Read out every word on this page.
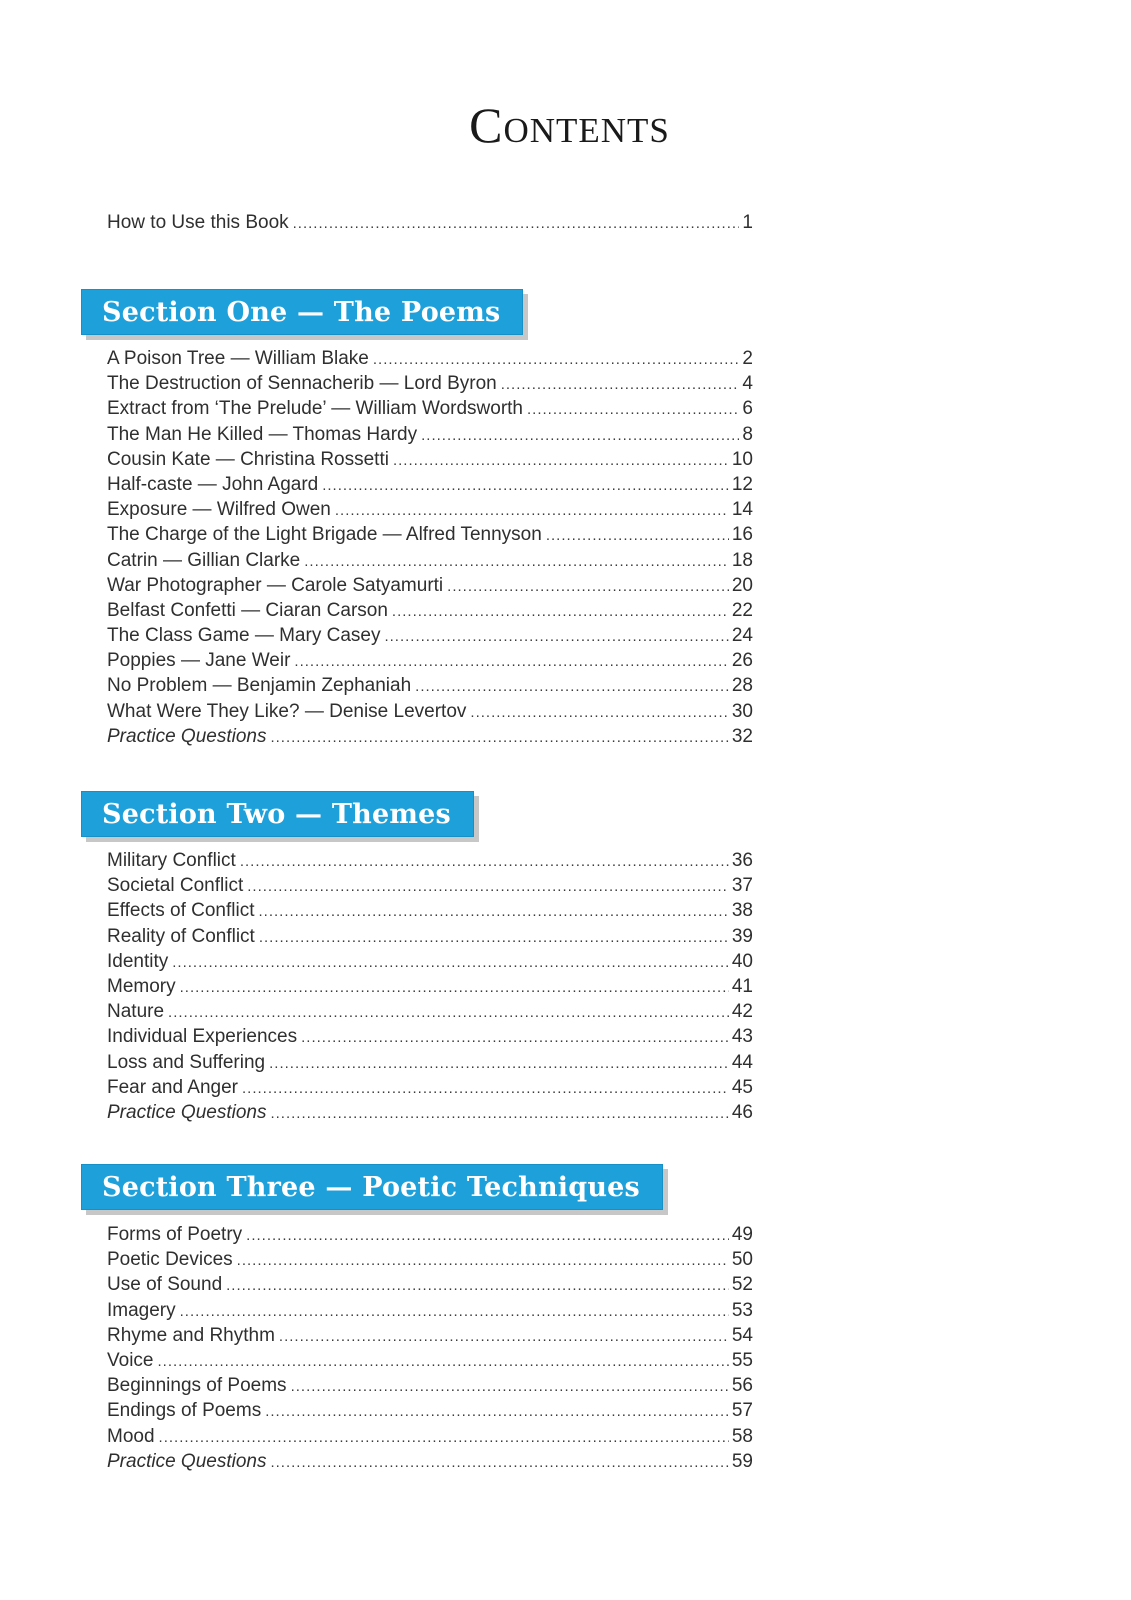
Contents
How to Use this Book .....	1
Section One — The Poems
A Poison Tree — William Blake .....	2
The Destruction of Sennacherib — Lord Byron .....	4
Extract from ‘The Prelude’ — William Wordsworth .....	6
The Man He Killed — Thomas Hardy .....	8
Cousin Kate — Christina Rossetti .....	10
Half-caste — John Agard .....	12
Exposure — Wilfred Owen .....	14
The Charge of the Light Brigade — Alfred Tennyson .....	16
Catrin — Gillian Clarke .....	18
War Photographer — Carole Satyamurti .....	20
Belfast Confetti — Ciaran Carson .....	22
The Class Game — Mary Casey .....	24
Poppies — Jane Weir .....	26
No Problem — Benjamin Zephaniah .....	28
What Were They Like? — Denise Levertov .....	30
Practice Questions .....	32
Section Two — Themes
Military Conflict .....	36
Societal Conflict .....	37
Effects of Conflict .....	38
Reality of Conflict .....	39
Identity .....	40
Memory .....	41
Nature .....	42
Individual Experiences .....	43
Loss and Suffering .....	44
Fear and Anger .....	45
Practice Questions .....	46
Section Three — Poetic Techniques
Forms of Poetry .....	49
Poetic Devices .....	50
Use of Sound .....	52
Imagery .....	53
Rhyme and Rhythm .....	54
Voice .....	55
Beginnings of Poems .....	56
Endings of Poems .....	57
Mood .....	58
Practice Questions .....	59
